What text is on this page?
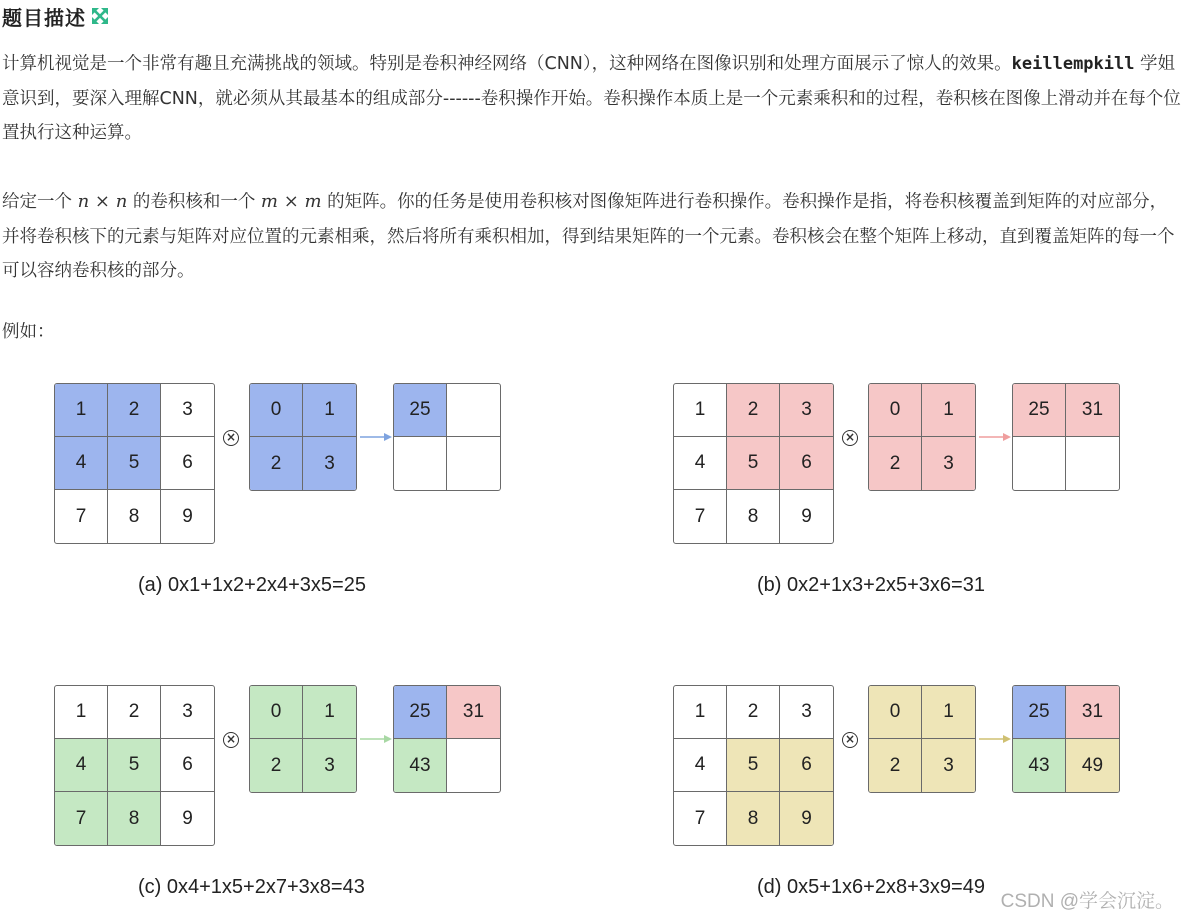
题目描述

计算机视觉是一个非常有趣且充满挑战的领域。特别是卷积神经网络（CNN），这种网络在图像识别和处理方面展示了惊人的效果。keillempkill 学姐意识到，要深入理解CNN，就必须从其最基本的组成部分------卷积操作开始。卷积操作本质上是一个元素乘积和的过程，卷积核在图像上滑动并在每个位置执行这种运算。

给定一个 n × n 的卷积核和一个 m × m 的矩阵。你的任务是使用卷积核对图像矩阵进行卷积操作。卷积操作是指，将卷积核覆盖到矩阵的对应部分，并将卷积核下的元素与矩阵对应位置的元素相乘，然后将所有乘积相加，得到结果矩阵的一个元素。卷积核会在整个矩阵上移动，直到覆盖矩阵的每一个可以容纳卷积核的部分。

例如：

1	2	3
4	5	6
7	8	9
×
0	1
2	3
25
(a) 0x1+1x2+2x4+3x5=25
1	2	3
4	5	6
7	8	9
×
0	1
2	3
25	31
(b) 0x2+1x3+2x5+3x6=31
1	2	3
4	5	6
7	8	9
×
0	1
2	3
25	31
43
(c) 0x4+1x5+2x7+3x8=43
1	2	3
4	5	6
7	8	9
×
0	1
2	3
25	31
43	49
(d) 0x5+1x6+2x8+3x9=49
CSDN @学会沉淀。
